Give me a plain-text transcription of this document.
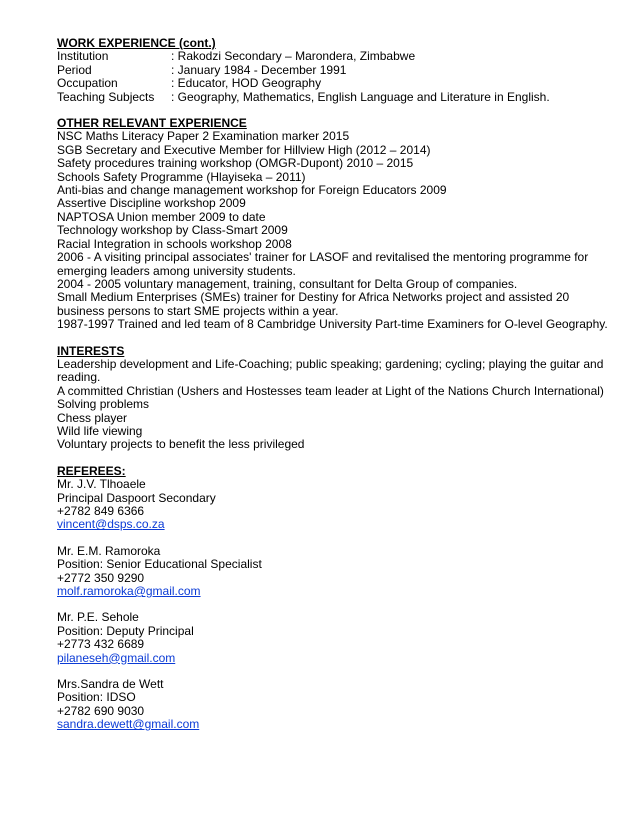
WORK EXPERIENCE (cont.)
Institution	: Rakodzi Secondary – Marondera, Zimbabwe
Period	: January 1984 - December 1991
Occupation	: Educator, HOD Geography
Teaching Subjects	: Geography, Mathematics, English Language and Literature in English.
OTHER RELEVANT EXPERIENCE
NSC Maths Literacy Paper 2 Examination marker 2015
SGB Secretary and Executive Member for Hillview High (2012 – 2014)
Safety procedures training workshop (OMGR-Dupont) 2010 – 2015
Schools Safety Programme (Hlayiseka – 2011)
Anti-bias and change management workshop for Foreign Educators 2009
Assertive Discipline workshop 2009
NAPTOSA Union member 2009 to date
Technology workshop by Class-Smart 2009
Racial Integration in schools workshop 2008
2006 - A visiting principal associates' trainer for LASOF and revitalised the mentoring programme for emerging leaders among university students.
2004 - 2005 voluntary management, training, consultant for Delta Group of companies.
Small Medium Enterprises (SMEs) trainer for Destiny for Africa Networks project and assisted 20 business persons to start SME projects within a year.
1987-1997 Trained and led team of 8 Cambridge University Part-time Examiners for O-level Geography.
INTERESTS
Leadership development and Life-Coaching; public speaking; gardening; cycling; playing the guitar and reading.
A committed Christian (Ushers and Hostesses team leader at Light of the Nations Church International)
Solving problems
Chess player
Wild life viewing
Voluntary projects to benefit the less privileged
REFEREES:
Mr. J.V. Tlhoaele
Principal Daspoort Secondary
+2782 849 6366
vincent@dsps.co.za
Mr. E.M. Ramoroka
Position: Senior Educational Specialist
+2772 350 9290
molf.ramoroka@gmail.com
Mr. P.E. Sehole
Position: Deputy Principal
+2773 432 6689
pilaneseh@gmail.com
Mrs.Sandra de Wett
Position: IDSO
+2782 690 9030
sandra.dewett@gmail.com
